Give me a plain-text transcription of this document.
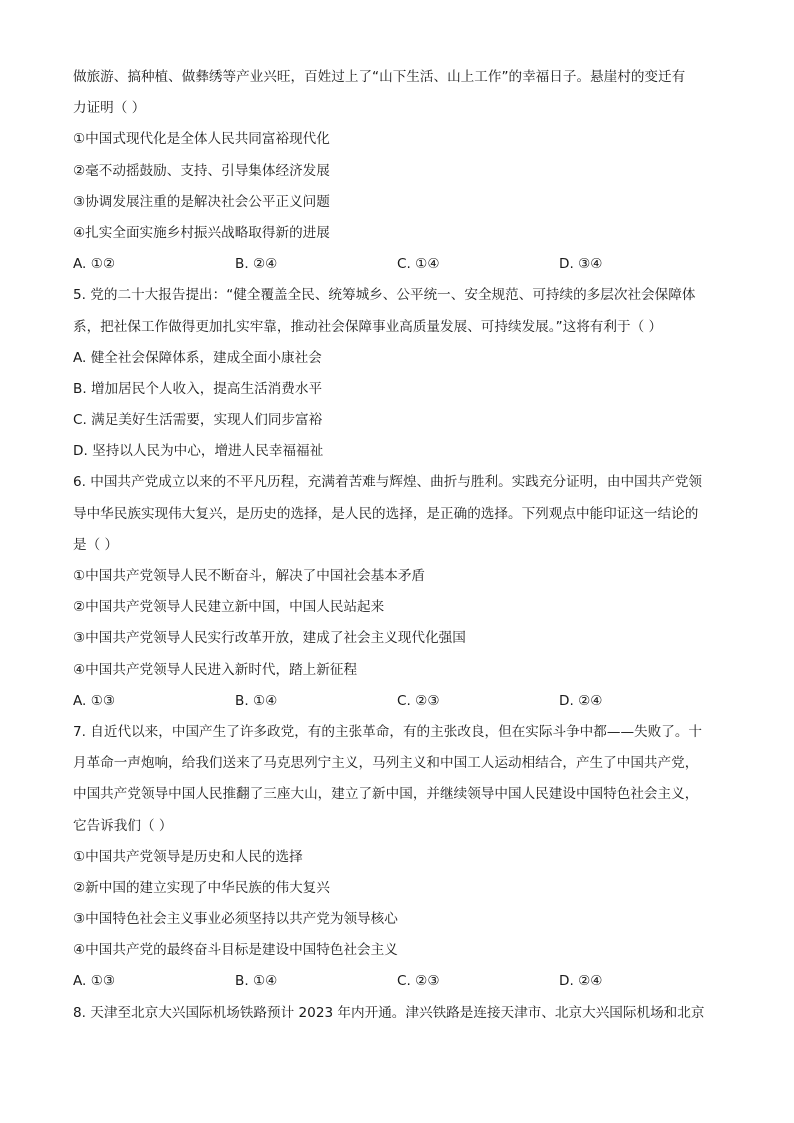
做旅游、搞种植、做彝绣等产业兴旺，百姓过上了“山下生活、山上工作”的幸福日子。悬崖村的变迁有
力证明（ ）
①中国式现代化是全体人民共同富裕现代化
②毫不动摇鼓励、支持、引导集体经济发展
③协调发展注重的是解决社会公平正义问题
④扎实全面实施乡村振兴战略取得新的进展
A. ①②	B. ②④	C. ①④	D. ③④
5. 党的二十大报告提出：“健全覆盖全民、统筹城乡、公平统一、安全规范、可持续的多层次社会保障体
系，把社保工作做得更加扎实牢靠，推动社会保障事业高质量发展、可持续发展。”这将有利于（ ）
A. 健全社会保障体系，建成全面小康社会
B. 增加居民个人收入，提高生活消费水平
C. 满足美好生活需要，实现人们同步富裕
D. 坚持以人民为中心，增进人民幸福福祉
6. 中国共产党成立以来的不平凡历程，充满着苦难与辉煌、曲折与胜利。实践充分证明，由中国共产党领
导中华民族实现伟大复兴，是历史的选择，是人民的选择，是正确的选择。下列观点中能印证这一结论的
是（ ）
①中国共产党领导人民不断奋斗，解决了中国社会基本矛盾
②中国共产党领导人民建立新中国，中国人民站起来
③中国共产党领导人民实行改革开放，建成了社会主义现代化强国
④中国共产党领导人民进入新时代，踏上新征程
A. ①③	B. ①④	C. ②③	D. ②④
7. 自近代以来，中国产生了许多政党，有的主张革命，有的主张改良，但在实际斗争中都——失败了。十
月革命一声炮响，给我们送来了马克思列宁主义，马列主义和中国工人运动相结合，产生了中国共产党，
中国共产党领导中国人民推翻了三座大山，建立了新中国，并继续领导中国人民建设中国特色社会主义，
它告诉我们（ ）
①中国共产党领导是历史和人民的选择
②新中国的建立实现了中华民族的伟大复兴
③中国特色社会主义事业必须坚持以共产党为领导核心
④中国共产党的最终奋斗目标是建设中国特色社会主义
A. ①③	B. ①④	C. ②③	D. ②④
8. 天津至北京大兴国际机场铁路预计 2023 年内开通。津兴铁路是连接天津市、北京大兴国际机场和北京
